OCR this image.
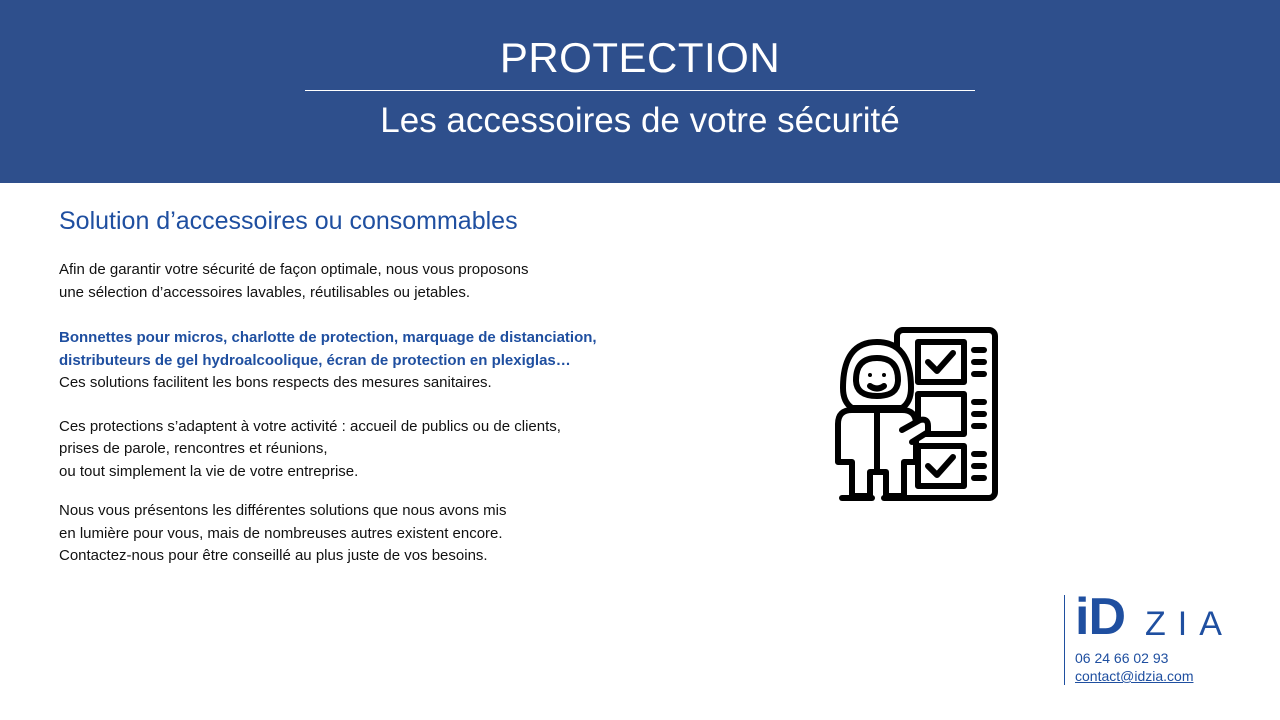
PROTECTION
Les accessoires de votre sécurité
Solution d’accessoires ou consommables

Afin de garantir votre sécurité de façon optimale, nous vous proposons
une sélection d’accessoires lavables, réutilisables ou jetables.

Bonnettes pour micros, charlotte de protection, marquage de distanciation,
distributeurs de gel hydroalcoolique, écran de protection en plexiglas…
Ces solutions facilitent les bons respects des mesures sanitaires.

Ces protections s’adaptent à votre activité : accueil de publics ou de clients,
prises de parole, rencontres et réunions,
ou tout simplement la vie de votre entreprise.

Nous vous présentons les différentes solutions que nous avons mis
en lumière pour vous, mais de nombreuses autres existent encore.
Contactez-nous pour être conseillé au plus juste de vos besoins.

iD ZIA
06 24 66 02 93
contact@idzia.com
